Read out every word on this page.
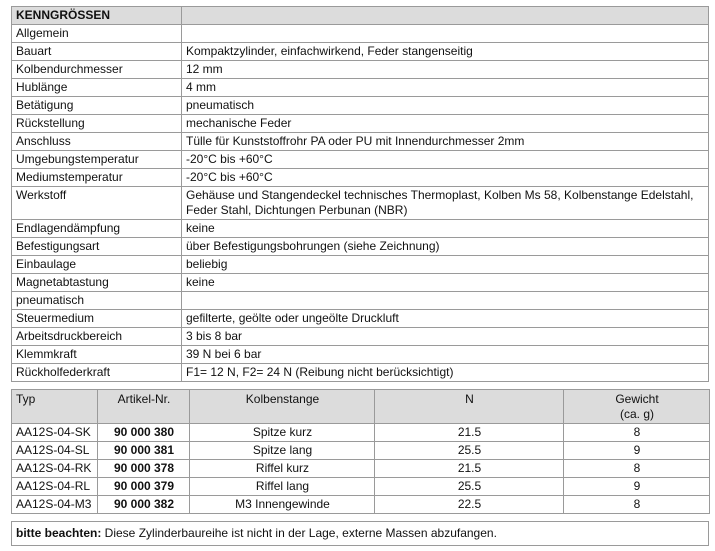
KENNGRÖSSEN	
Allgemein	
Bauart	Kompaktzylinder, einfachwirkend, Feder stangenseitig
Kolbendurchmesser	12 mm
Hublänge	4 mm
Betätigung	pneumatisch
Rückstellung	mechanische Feder
Anschluss	Tülle für Kunststoffrohr PA oder PU mit Innendurchmesser 2mm
Umgebungstemperatur	-20°C bis +60°C
Mediumstemperatur	-20°C bis +60°C
Werkstoff	Gehäuse und Stangendeckel technisches Thermoplast, Kolben Ms 58, Kolbenstange Edelstahl, Feder Stahl, Dichtungen Perbunan (NBR)
Endlagendämpfung	keine
Befestigungsart	über Befestigungsbohrungen (siehe Zeichnung)
Einbaulage	beliebig
Magnetabtastung	keine
pneumatisch	
Steuermedium	gefilterte, geölte oder ungeölte Druckluft
Arbeitsdruckbereich	3 bis 8 bar
Klemmkraft	39 N bei 6 bar
Rückholfederkraft	F1= 12 N, F2= 24 N (Reibung nicht berücksichtigt)
Typ	Artikel-Nr.	Kolbenstange	N	Gewicht
(ca. g)
AA12S-04-SK	90 000 380	Spitze kurz	21.5	8
AA12S-04-SL	90 000 381	Spitze lang	25.5	9
AA12S-04-RK	90 000 378	Riffel kurz	21.5	8
AA12S-04-RL	90 000 379	Riffel lang	25.5	9
AA12S-04-M3	90 000 382	M3 Innengewinde	22.5	8
bitte beachten: Diese Zylinderbaureihe ist nicht in der Lage, externe Massen abzufangen.
